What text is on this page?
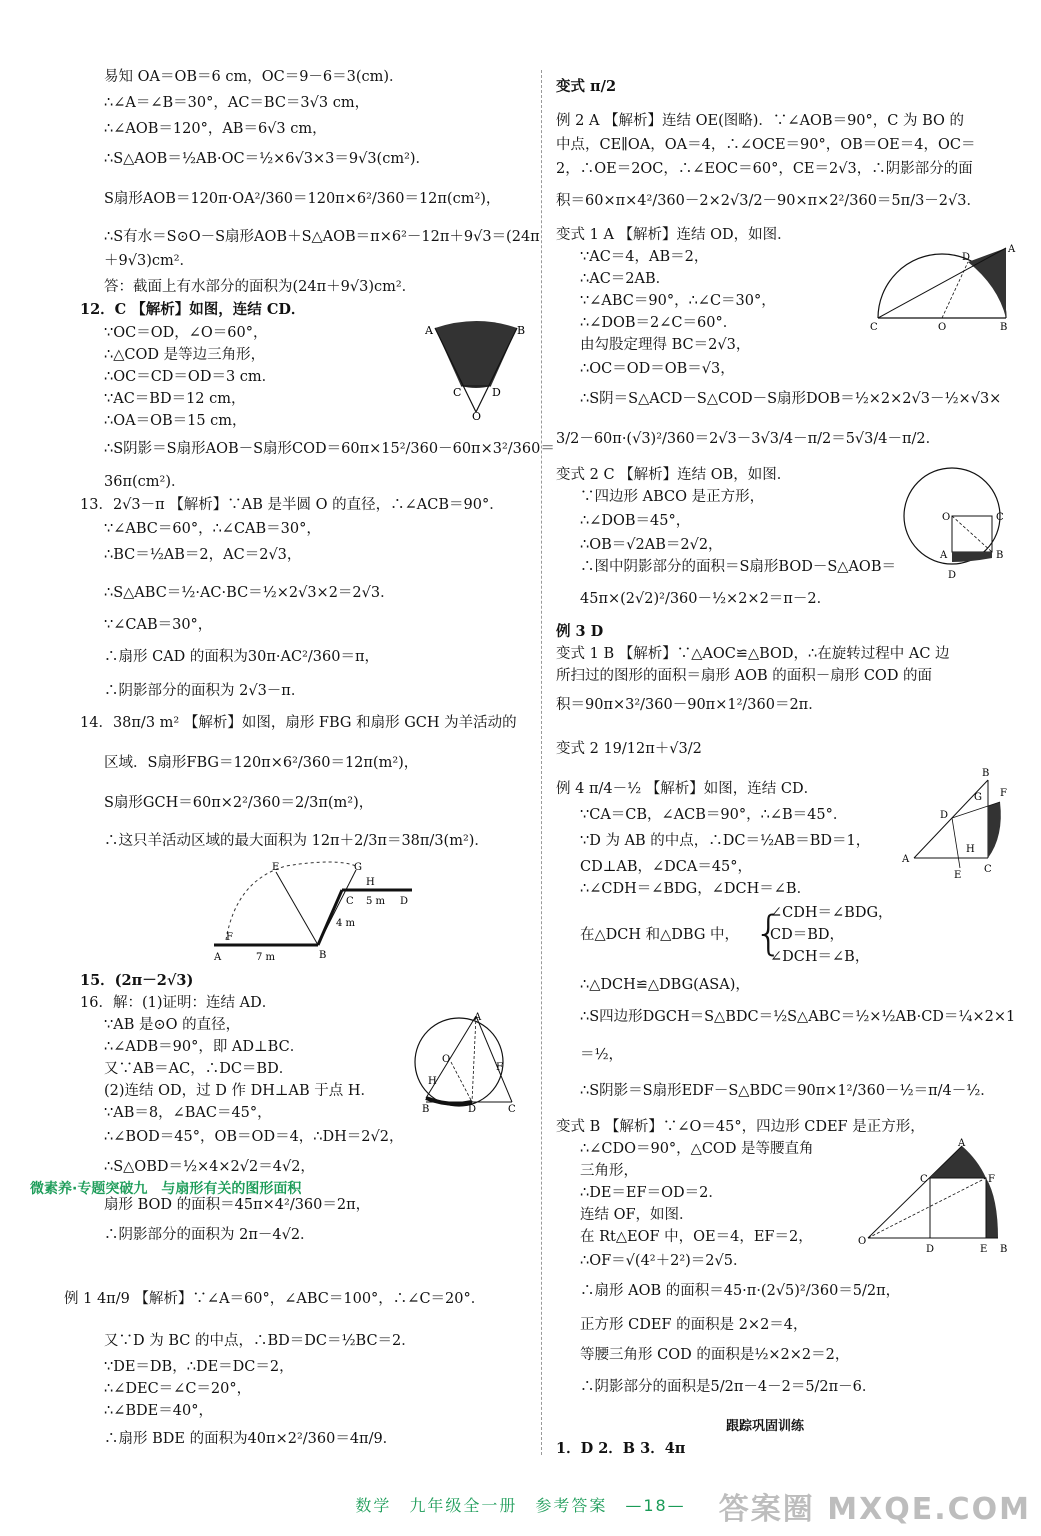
易知 OA＝OB＝6 cm，OC＝9－6＝3(cm)．
∴∠A＝∠B＝30°，AC＝BC＝3√3 cm，
∴∠AOB＝120°，AB＝6√3 cm，
∴S△AOB＝½AB·OC＝½×6√3×3＝9√3(cm²)．
S扇形AOB＝120π·OA²/360＝120π×6²/360＝12π(cm²)，
∴S有水＝S⊙O－S扇形AOB＋S△AOB＝π×6²－12π＋9√3＝(24π
＋9√3)cm²．
答：截面上有水部分的面积为(24π＋9√3)cm²．
12．C 【解析】如图，连结 CD．
∵OC＝OD，∠O＝60°，
∴△COD 是等边三角形，
∴OC＝CD＝OD＝3 cm．
∵AC＝BD＝12 cm，
∴OA＝OB＝15 cm，
∴S阴影＝S扇形AOB－S扇形COD＝60π×15²/360－60π×3²/360＝
36π(cm²)．
13．2√3－π 【解析】∵AB 是半圆 O 的直径，∴∠ACB＝90°．
∵∠ABC＝60°，∴∠CAB＝30°，
∴BC＝½AB＝2，AC＝2√3，
∴S△ABC＝½·AC·BC＝½×2√3×2＝2√3．
∵∠CAB＝30°，
∴扇形 CAD 的面积为30π·AC²/360＝π，
∴阴影部分的面积为 2√3－π．
14．38π/3 m² 【解析】如图，扇形 FBG 和扇形 GCH 为羊活动的
区域．S扇形FBG＝120π×6²/360＝12π(m²)，
S扇形GCH＝60π×2²/360＝2/3π(m²)，
∴这只羊活动区域的最大面积为 12π＋2/3π＝38π/3(m²)．
15．(2π－2√3)
16．解：(1)证明：连结 AD．
∵AB 是⊙O 的直径，
∴∠ADB＝90°，即 AD⊥BC．
又∵AB＝AC，∴DC＝BD．
(2)连结 OD，过 D 作 DH⊥AB 于点 H．
∵AB＝8，∠BAC＝45°，
∴∠BOD＝45°，OB＝OD＝4，∴DH＝2√2，
∴S△OBD＝½×4×2√2＝4√2，
扇形 BOD 的面积＝45π×4²/360＝2π，
∴阴影部分的面积为 2π－4√2．
例 1 4π/9 【解析】∵∠A＝60°，∠ABC＝100°，∴∠C＝20°．
又∵D 为 BC 的中点，∴BD＝DC＝½BC＝2．
∵DE＝DB，∴DE＝DC＝2，
∴∠DEC＝∠C＝20°，
∴∠BDE＝40°，
∴扇形 BDE 的面积为40π×2²/360＝4π/9．
微素养·专题突破九　与扇形有关的图形面积
A	B
C	D
O
E	G
H
C 5 m D
4 m
F
A	7 m	B
A
O
F
H
B	D	C
变式 π/2
例 2 A 【解析】连结 OE(图略)．∵∠AOB＝90°，C 为 BO 的
中点，CE∥OA，OA＝4，∴∠OCE＝90°，OB＝OE＝4，OC＝
2，∴OE＝2OC，∴∠EOC＝60°，CE＝2√3，∴阴影部分的面
积＝60×π×4²/360－2×2√3/2－90×π×2²/360＝5π/3－2√3．
变式 1 A 【解析】连结 OD，如图．
∵AC＝4，AB＝2，
∴AC＝2AB．
∵∠ABC＝90°，∴∠C＝30°，
∴∠DOB＝2∠C＝60°．
由勾股定理得 BC＝2√3，
∴OC＝OD＝OB＝√3，
∴S阴＝S△ACD－S△COD－S扇形DOB＝½×2×2√3－½×√3×
3/2－60π·(√3)²/360＝2√3－3√3/4－π/2＝5√3/4－π/2．
变式 2 C 【解析】连结 OB，如图．
∵四边形 ABCO 是正方形，
∴∠DOB＝45°，
∴OB＝√2AB＝2√2，
∴图中阴影部分的面积＝S扇形BOD－S△AOB＝
45π×(2√2)²/360－½×2×2＝π－2．
例 3 D
变式 1 B 【解析】∵△AOC≌△BOD，∴在旋转过程中 AC 边
所扫过的图形的面积＝扇形 AOB 的面积－扇形 COD 的面
积＝90π×3²/360－90π×1²/360＝2π．
变式 2 19/12π＋√3/2
例 4 π/4－½ 【解析】如图，连结 CD．
∵CA＝CB，∠ACB＝90°，∴∠B＝45°．
∵D 为 AB 的中点，∴DC＝½AB＝BD＝1，
CD⊥AB，∠DCA＝45°，
∴∠CDH＝∠BDG，∠DCH＝∠B．
∠CDH＝∠BDG，
在△DCH 和△DBG 中， CD＝BD，
∠DCH＝∠B，
∴△DCH≌△DBG(ASA)，
∴S四边形DGCH＝S△BDC＝½S△ABC＝½×½AB·CD＝¼×2×1
＝½，
∴S阴影＝S扇形EDF－S△BDC＝90π×1²/360－½＝π/4－½．
变式 B 【解析】∵∠O＝45°，四边形 CDEF 是正方形，
∴∠CDO＝90°，△COD 是等腰直角
三角形，
∴DE＝EF＝OD＝2．
连结 OF，如图．
在 Rt△EOF 中，OE＝4，EF＝2，
∴OF＝√(4²＋2²)＝2√5．
∴扇形 AOB 的面积＝45·π·(2√5)²/360＝5/2π，
正方形 CDEF 的面积是 2×2＝4，
等腰三角形 COD 的面积是½×2×2＝2，
∴阴影部分的面积是5/2π－4－2＝5/2π－6．
跟踪巩固训练
1．D 2．B 3．4π
{
D
A
C	O	B
O	C
A	B
D
B
G F
D
H
A
E
C
A
C	F
O
D	E B
数学　九年级全一册　参考答案　—18—	答案圈 MXQE.COM
